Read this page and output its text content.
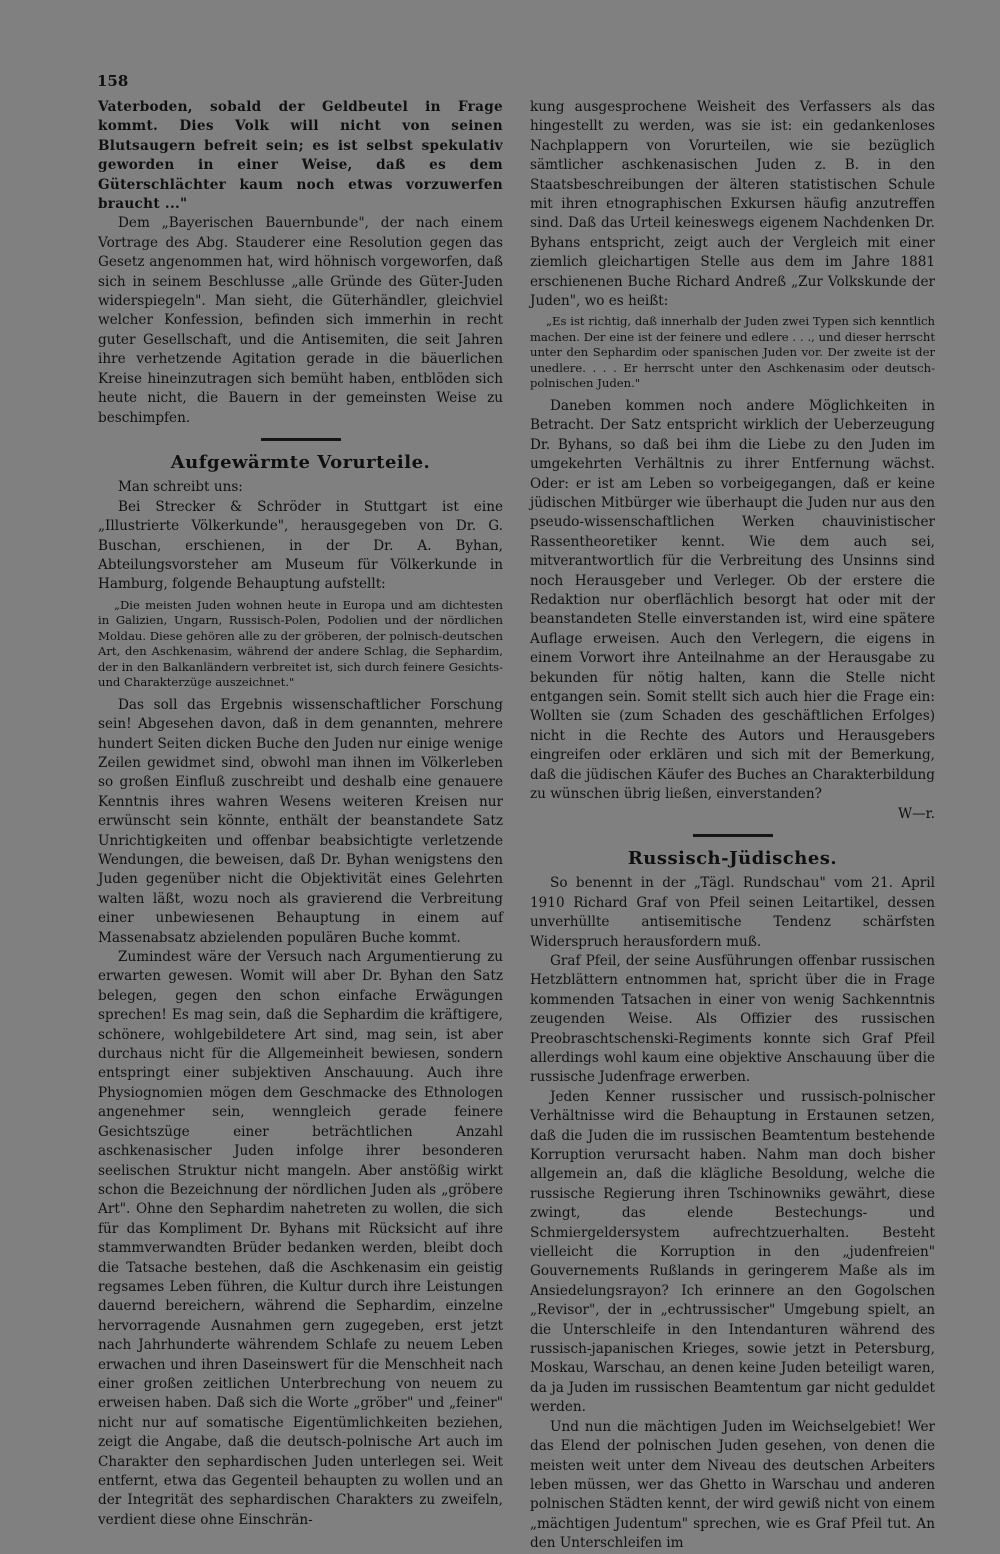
158

Vaterboden, sobald der Geldbeutel in Frage kommt. Dies Volk will nicht von seinen Blutsaugern befreit sein; es ist selbst spekulativ geworden in einer Weise, daß es dem Güterschlächter kaum noch etwas vorzuwerfen braucht ..."

Dem „Bayerischen Bauernbunde", der nach einem Vortrage des Abg. Stauderer eine Resolution gegen das Gesetz angenommen hat, wird höhnisch vorgeworfen, daß sich in seinem Beschlusse „alle Gründe des Güter-Juden widerspiegeln". Man sieht, die Güterhändler, gleichviel welcher Konfession, befinden sich immerhin in recht guter Gesellschaft, und die Antisemiten, die seit Jahren ihre verhetzende Agitation gerade in die bäuerlichen Kreise hineinzutragen sich bemüht haben, entblöden sich heute nicht, die Bauern in der gemeinsten Weise zu beschimpfen.

Aufgewärmte Vorurteile.

Man schreibt uns:

Bei Strecker & Schröder in Stuttgart ist eine „Illustrierte Völkerkunde", herausgegeben von Dr. G. Buschan, erschienen, in der Dr. A. Byhan, Abteilungsvorsteher am Museum für Völkerkunde in Hamburg, folgende Behauptung aufstellt:

„Die meisten Juden wohnen heute in Europa und am dichtesten in Galizien, Ungarn, Russisch-Polen, Podolien und der nördlichen Moldau. Diese gehören alle zu der gröberen, der polnisch-deutschen Art, den Aschkenasim, während der andere Schlag, die Sephardim, der in den Balkanländern verbreitet ist, sich durch feinere Gesichts- und Charakterzüge auszeichnet."

Das soll das Ergebnis wissenschaftlicher Forschung sein! Abgesehen davon, daß in dem genannten, mehrere hundert Seiten dicken Buche den Juden nur einige wenige Zeilen gewidmet sind, obwohl man ihnen im Völkerleben so großen Einfluß zuschreibt und deshalb eine genauere Kenntnis ihres wahren Wesens weiteren Kreisen nur erwünscht sein könnte, enthält der beanstandete Satz Unrichtigkeiten und offenbar beabsichtigte verletzende Wendungen, die beweisen, daß Dr. Byhan wenigstens den Juden gegenüber nicht die Objektivität eines Gelehrten walten läßt, wozu noch als gravierend die Verbreitung einer unbewiesenen Behauptung in einem auf Massenabsatz abzielenden populären Buche kommt.

Zumindest wäre der Versuch nach Argumentierung zu erwarten gewesen. Womit will aber Dr. Byhan den Satz belegen, gegen den schon einfache Erwägungen sprechen! Es mag sein, daß die Sephardim die kräftigere, schönere, wohlgebildetere Art sind, mag sein, ist aber durchaus nicht für die Allgemeinheit bewiesen, sondern entspringt einer subjektiven Anschauung. Auch ihre Physiognomien mögen dem Geschmacke des Ethnologen angenehmer sein, wenngleich gerade feinere Gesichtszüge einer beträchtlichen Anzahl aschkenasischer Juden infolge ihrer besonderen seelischen Struktur nicht mangeln. Aber anstößig wirkt schon die Bezeichnung der nördlichen Juden als „gröbere Art". Ohne den Sephardim nahetreten zu wollen, die sich für das Kompliment Dr. Byhans mit Rücksicht auf ihre stammverwandten Brüder bedanken werden, bleibt doch die Tatsache bestehen, daß die Aschkenasim ein geistig regsames Leben führen, die Kultur durch ihre Leistungen dauernd bereichern, während die Sephardim, einzelne hervorragende Ausnahmen gern zugegeben, erst jetzt nach Jahrhunderte währendem Schlafe zu neuem Leben erwachen und ihren Daseinswert für die Menschheit nach einer großen zeitlichen Unterbrechung von neuem zu erweisen haben. Daß sich die Worte „gröber" und „feiner" nicht nur auf somatische Eigentümlichkeiten beziehen, zeigt die Angabe, daß die deutsch-polnische Art auch im Charakter den sephardischen Juden unterlegen sei. Weit entfernt, etwa das Gegenteil behaupten zu wollen und an der Integrität des sephardischen Charakters zu zweifeln, verdient diese ohne Einschrän-

kung ausgesprochene Weisheit des Verfassers als das hingestellt zu werden, was sie ist: ein gedankenloses Nachplappern von Vorurteilen, wie sie bezüglich sämtlicher aschkenasischen Juden z. B. in den Staatsbeschreibungen der älteren statistischen Schule mit ihren etnographischen Exkursen häufig anzutreffen sind. Daß das Urteil keineswegs eigenem Nachdenken Dr. Byhans entspricht, zeigt auch der Vergleich mit einer ziemlich gleichartigen Stelle aus dem im Jahre 1881 erschienenen Buche Richard Andreß „Zur Volkskunde der Juden", wo es heißt:

„Es ist richtig, daß innerhalb der Juden zwei Typen sich kenntlich machen. Der eine ist der feinere und edlere . . ., und dieser herrscht unter den Sephardim oder spanischen Juden vor. Der zweite ist der unedlere. . . . Er herrscht unter den Aschkenasim oder deutsch-polnischen Juden."

Daneben kommen noch andere Möglichkeiten in Betracht. Der Satz entspricht wirklich der Ueberzeugung Dr. Byhans, so daß bei ihm die Liebe zu den Juden im umgekehrten Verhältnis zu ihrer Entfernung wächst. Oder: er ist am Leben so vorbeigegangen, daß er keine jüdischen Mitbürger wie überhaupt die Juden nur aus den pseudo-wissenschaftlichen Werken chauvinistischer Rassentheoretiker kennt. Wie dem auch sei, mitverantwortlich für die Verbreitung des Unsinns sind noch Herausgeber und Verleger. Ob der erstere die Redaktion nur oberflächlich besorgt hat oder mit der beanstandeten Stelle einverstanden ist, wird eine spätere Auflage erweisen. Auch den Verlegern, die eigens in einem Vorwort ihre Anteilnahme an der Herausgabe zu bekunden für nötig halten, kann die Stelle nicht entgangen sein. Somit stellt sich auch hier die Frage ein: Wollten sie (zum Schaden des geschäftlichen Erfolges) nicht in die Rechte des Autors und Herausgebers eingreifen oder erklären und sich mit der Bemerkung, daß die jüdischen Käufer des Buches an Charakterbildung zu wünschen übrig ließen, einverstanden?

W—r.
Russisch-Jüdisches.

So benennt in der „Tägl. Rundschau" vom 21. April 1910 Richard Graf von Pfeil seinen Leitartikel, dessen unverhüllte antisemitische Tendenz schärfsten Widerspruch herausfordern muß.

Graf Pfeil, der seine Ausführungen offenbar russischen Hetzblättern entnommen hat, spricht über die in Frage kommenden Tatsachen in einer von wenig Sachkenntnis zeugenden Weise. Als Offizier des russischen Preobraschtschenski-Regiments konnte sich Graf Pfeil allerdings wohl kaum eine objektive Anschauung über die russische Judenfrage erwerben.

Jeden Kenner russischer und russisch-polnischer Verhältnisse wird die Behauptung in Erstaunen setzen, daß die Juden die im russischen Beamtentum bestehende Korruption verursacht haben. Nahm man doch bisher allgemein an, daß die klägliche Besoldung, welche die russische Regierung ihren Tschinowniks gewährt, diese zwingt, das elende Bestechungs- und Schmiergeldersystem aufrechtzuerhalten. Besteht vielleicht die Korruption in den „judenfreien" Gouvernements Rußlands in geringerem Maße als im Ansiedelungsrayon? Ich erinnere an den Gogolschen „Revisor", der in „echtrussischer" Umgebung spielt, an die Unterschleife in den Intendanturen während des russisch-japanischen Krieges, sowie jetzt in Petersburg, Moskau, Warschau, an denen keine Juden beteiligt waren, da ja Juden im russischen Beamtentum gar nicht geduldet werden.

Und nun die mächtigen Juden im Weichselgebiet! Wer das Elend der polnischen Juden gesehen, von denen die meisten weit unter dem Niveau des deutschen Arbeiters leben müssen, wer das Ghetto in Warschau und anderen polnischen Städten kennt, der wird gewiß nicht von einem „mächtigen Judentum" sprechen, wie es Graf Pfeil tut. An den Unterschleifen im
